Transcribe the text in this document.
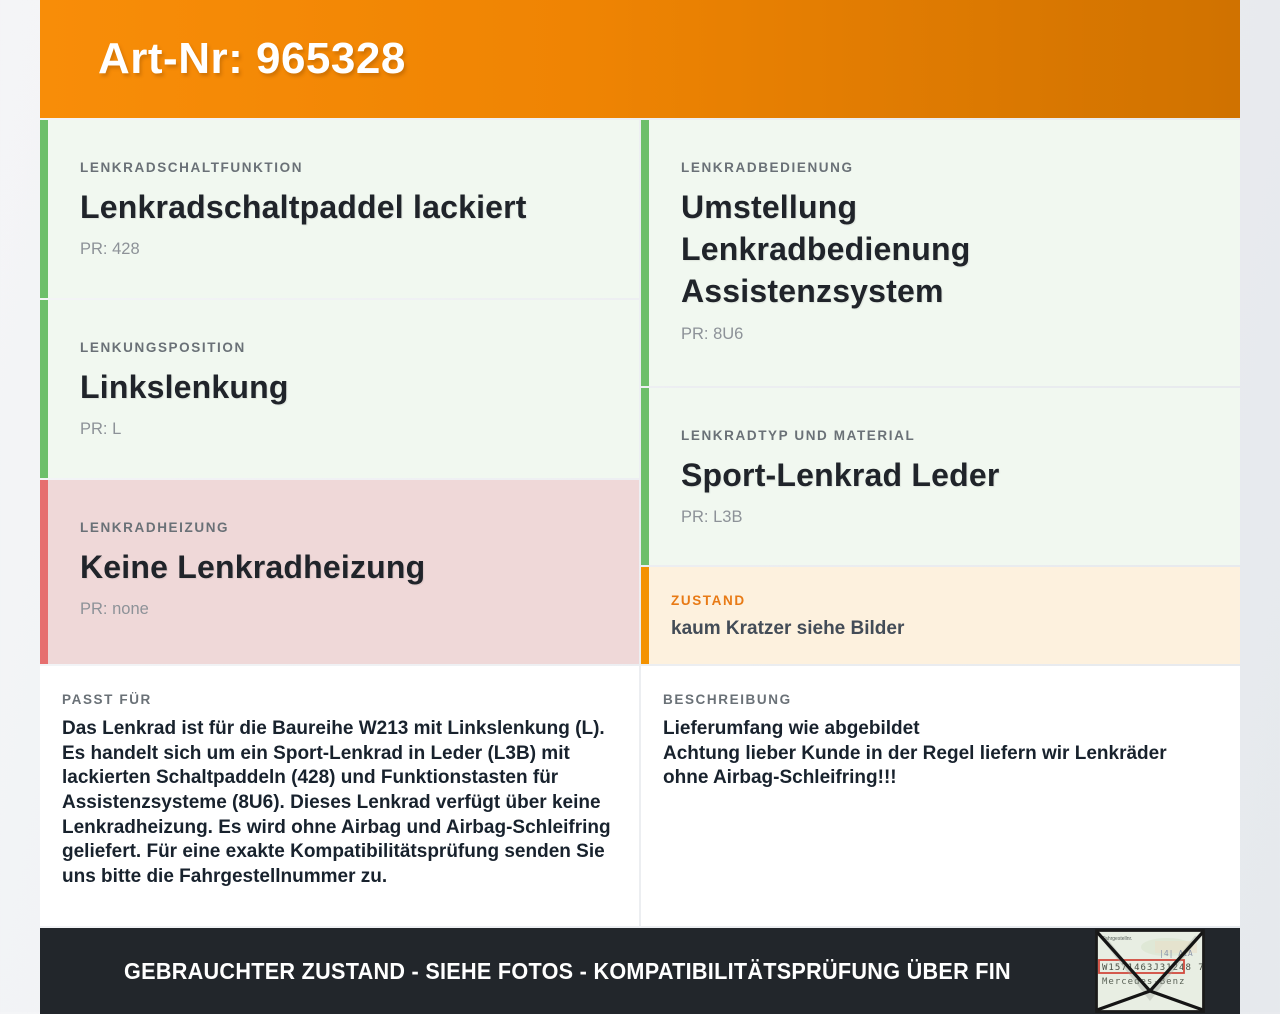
Art-Nr: 965328
LENKRADSCHALTFUNKTION
Lenkradschaltpaddel lackiert
PR: 428
LENKUNGSPOSITION
Linkslenkung
PR: L
LENKRADHEIZUNG
Keine Lenkradheizung
PR: none
PASST FÜR
Das Lenkrad ist für die Baureihe W213 mit Linkslenkung (L). Es handelt sich um ein Sport-Lenkrad in Leder (L3B) mit lackierten Schaltpaddeln (428) und Funktionstasten für Assistenzsysteme (8U6). Dieses Lenkrad verfügt über keine Lenkradheizung. Es wird ohne Airbag und Airbag-Schleifring geliefert. Für eine exakte Kompatibilitätsprüfung senden Sie uns bitte die Fahrgestellnummer zu.
LENKRADBEDIENUNG
Umstellung Lenkradbedienung Assistenzsystem
PR: 8U6
LENKRADTYP UND MATERIAL
Sport-Lenkrad Leder
PR: L3B
ZUSTAND
kaum Kratzer siehe Bilder
BESCHREIBUNG
Lieferumfang wie abgebildet
Achtung lieber Kunde in der Regel liefern wir Lenkräder ohne Airbag-Schleifring!!!
GEBRAUCHTER ZUSTAND - SIEHE FOTOS - KOMPATIBILITÄTSPRÜFUNG ÜBER FIN
Fahrgestellnr.
|4| AiA
W1571463J31248 7
Mercedes-Benz
